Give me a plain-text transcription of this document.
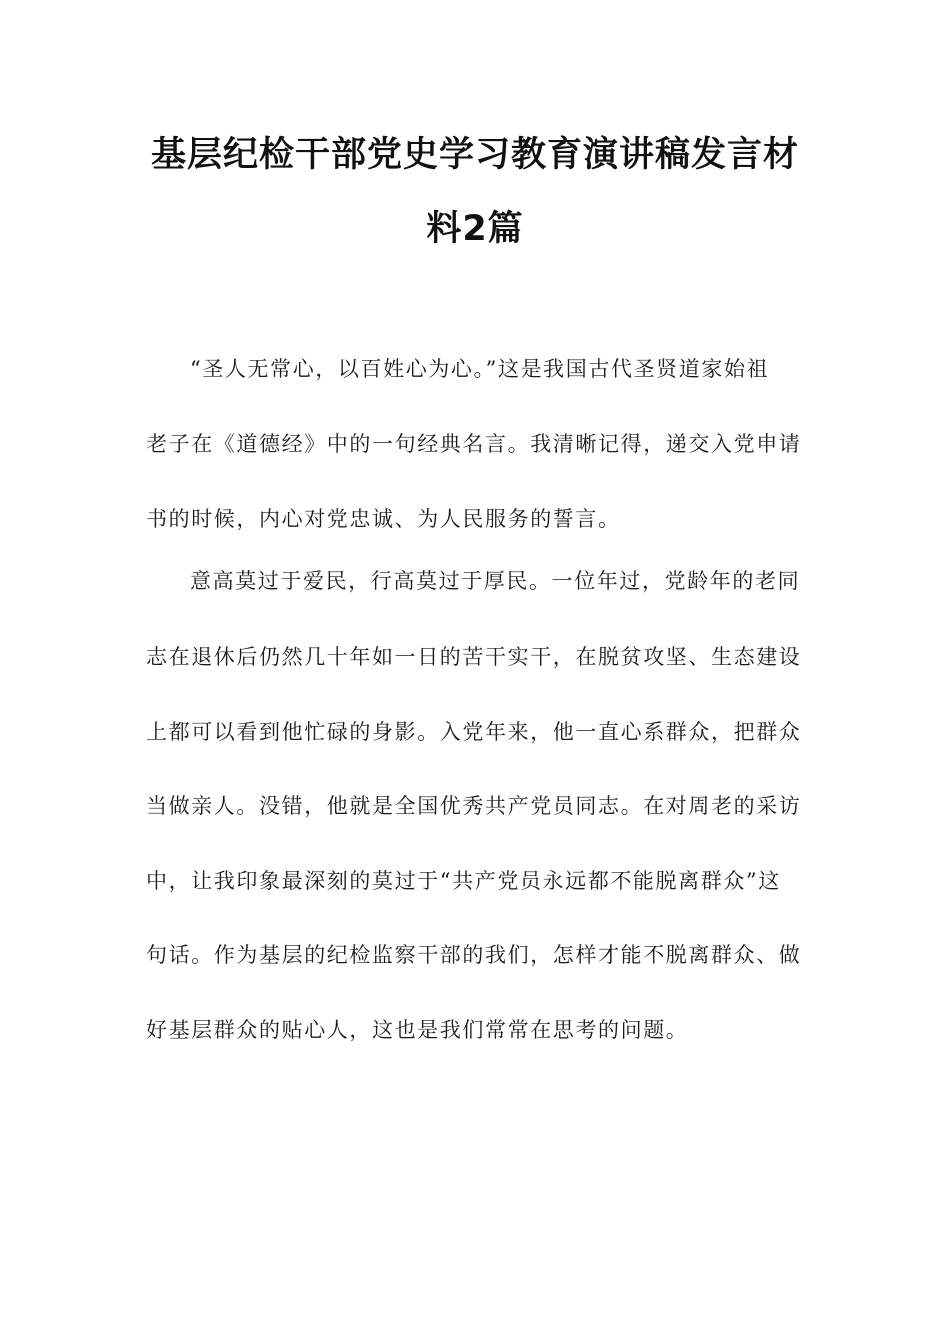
基层纪检干部党史学习教育演讲稿发言材
料2篇

“圣人无常心，以百姓心为心。”这是我国古代圣贤道家始祖

老子在《道德经》中的一句经典名言。我清晰记得，递交入党申请

书的时候，内心对党忠诚、为人民服务的誓言。

意高莫过于爱民，行高莫过于厚民。一位年过，党龄年的老同

志在退休后仍然几十年如一日的苦干实干，在脱贫攻坚、生态建设

上都可以看到他忙碌的身影。入党年来，他一直心系群众，把群众

当做亲人。没错，他就是全国优秀共产党员同志。在对周老的采访

中，让我印象最深刻的莫过于“共产党员永远都不能脱离群众”这

句话。作为基层的纪检监察干部的我们，怎样才能不脱离群众、做

好基层群众的贴心人，这也是我们常常在思考的问题。
